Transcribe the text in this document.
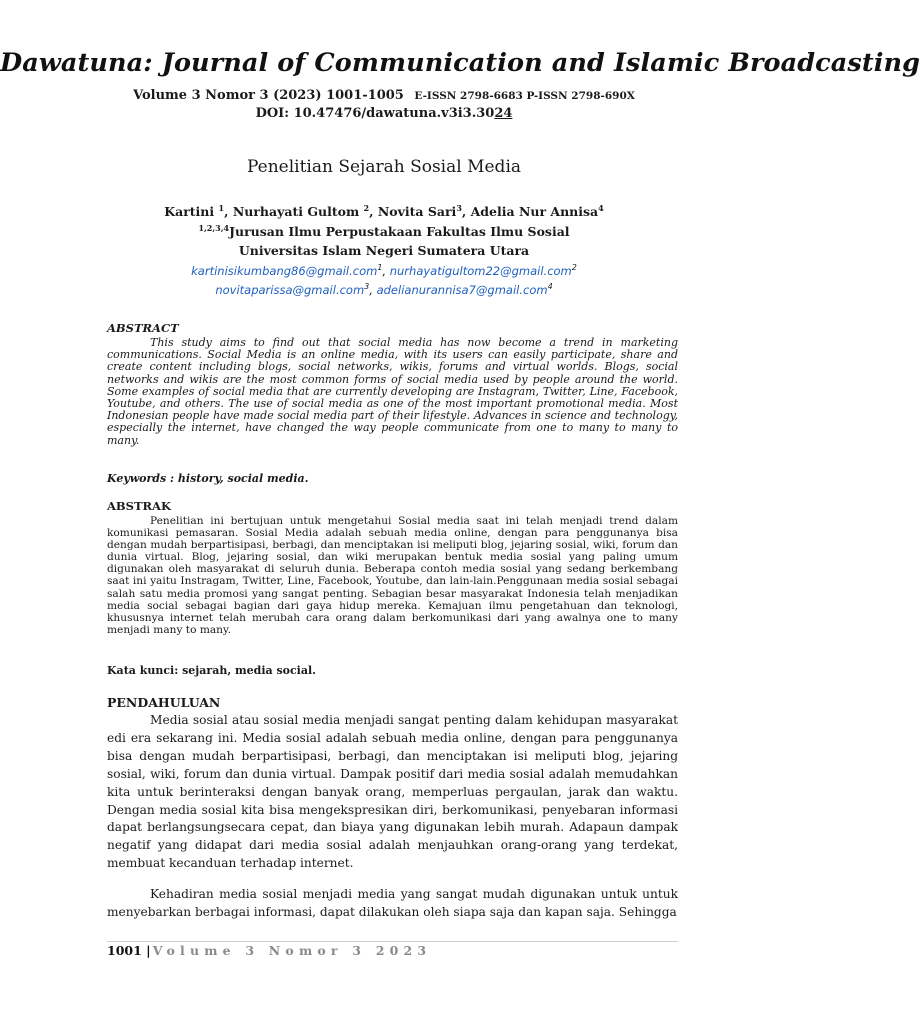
Dawatuna: Journal of Communication and Islamic Broadcasting
Volume 3 Nomor 3 (2023) 1001-1005 E-ISSN 2798-6683 P-ISSN 2798-690X
DOI: 10.47476/dawatuna.v3i3.3024
Penelitian Sejarah Sosial Media
Kartini $^1$, Nurhayati Gultom $^2$, Novita Sari$^3$, Adelia Nur Annisa$^4$
$^{1,2,3,4}$Jurusan Ilmu Perpustakaan Fakultas Ilmu Sosial
Universitas Islam Negeri Sumatera Utara
kartinisikumbang86@gmail.com$^1$, nurhayatigultom22@gmail.com$^2$
novitaparissa@gmail.com$^3$, adelianurannisa7@gmail.com$^4$
ABSTRACT
This study aims to find out that social media has now become a trend in marketing communications. Social Media is an online media, with its users can easily participate, share and create content including blogs, social networks, wikis, forums and virtual worlds. Blogs, social networks and wikis are the most common forms of social media used by people around the world. Some examples of social media that are currently developing are Instagram, Twitter, Line, Facebook, Youtube, and others. The use of social media as one of the most important promotional media. Most Indonesian people have made social media part of their lifestyle. Advances in science and technology, especially the internet, have changed the way people communicate from one to many to many to many.
Keywords : history, social media.
ABSTRAK
Penelitian ini bertujuan untuk mengetahui Sosial media saat ini telah menjadi trend dalam komunikasi pemasaran. Sosial Media adalah sebuah media online, dengan para penggunanya bisa dengan mudah berpartisipasi, berbagi, dan menciptakan isi meliputi blog, jejaring sosial, wiki, forum dan dunia virtual. Blog, jejaring sosial, dan wiki merupakan bentuk media sosial yang paling umum digunakan oleh masyarakat di seluruh dunia. Beberapa contoh media sosial yang sedang berkembang saat ini yaitu Instragam, Twitter, Line, Facebook, Youtube, dan lain-lain.Penggunaan media sosial sebagai salah satu media promosi yang sangat penting. Sebagian besar masyarakat Indonesia telah menjadikan media social sebagai bagian dari gaya hidup mereka. Kemajuan ilmu pengetahuan dan teknologi, khususnya internet telah merubah cara orang dalam berkomunikasi dari yang awalnya one to many menjadi many to many.
Kata kunci: sejarah, media social.
PENDAHULUAN
Media sosial atau sosial media menjadi sangat penting dalam kehidupan masyarakat edi era sekarang ini. Media sosial adalah sebuah media online, dengan para penggunanya bisa dengan mudah berpartisipasi, berbagi, dan menciptakan isi meliputi blog, jejaring sosial, wiki, forum dan dunia virtual. Dampak positif dari media sosial adalah memudahkan kita untuk berinteraksi dengan banyak orang, memperluas pergaulan, jarak dan waktu. Dengan media sosial kita bisa mengekspresikan diri, berkomunikasi, penyebaran informasi dapat berlangsungsecara cepat, dan biaya yang digunakan lebih murah. Adapaun dampak negatif yang didapat dari media sosial adalah menjauhkan orang-orang yang terdekat, membuat kecanduan terhadap internet.
Kehadiran media sosial menjadi media yang sangat mudah digunakan untuk untuk menyebarkan berbagai informasi, dapat dilakukan oleh siapa saja dan kapan saja. Sehingga
1001 | Volume 3 Nomor 3 2023
